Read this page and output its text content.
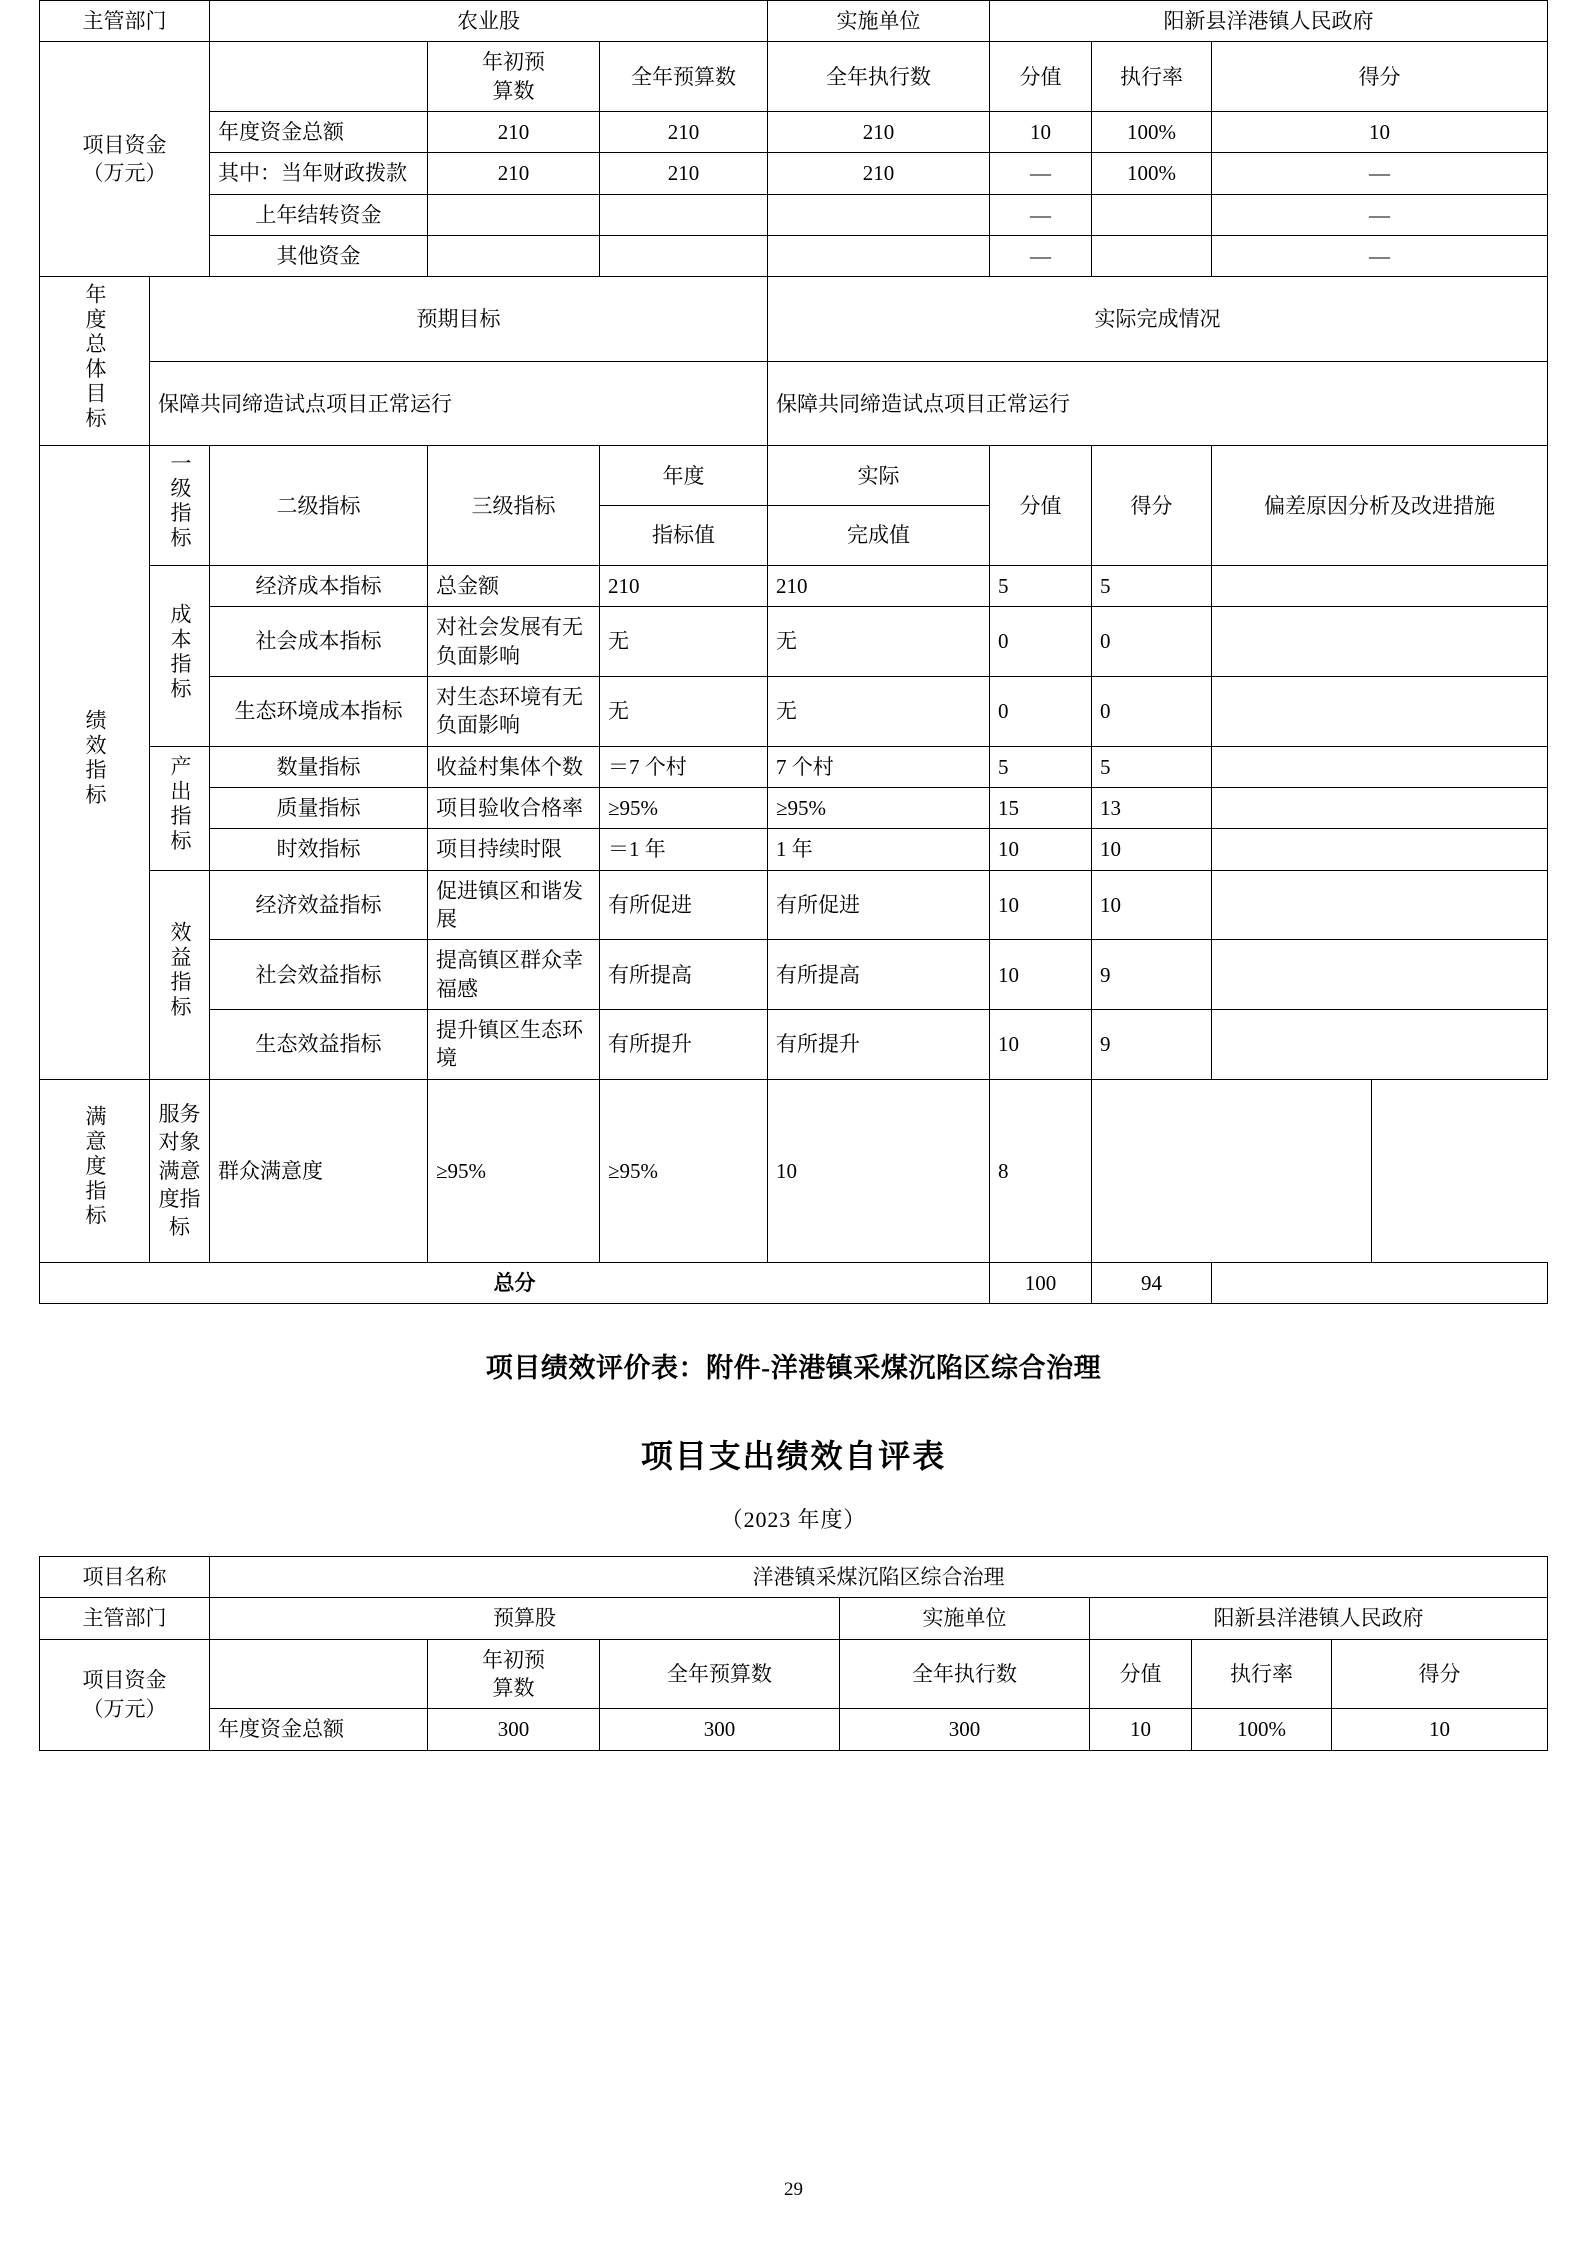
主管部门		农业股			实施单位	阳新县洋港镇人民政府		

项目资金
（万元）

年初预
算数
	全年预算数	全年执行数	分值	执行率	得分
		年度资金总额	210	210	210	10	100%	10
		其中：当年财政拨款	210	210	210	—	100%	—
		上年结转资金				—		—
		其他资金				—		—
年度总体目标	预期目标				实际完成情况			
	保障共同缔造试点项目正常运行				保障共同缔造试点项目正常运行			
绩效指标	一级指标	二级指标	三级指标	年度	实际	分值	得分	偏差原因分析及改进措施
				指标值	完成值			
	成本指标	经济成本指标	总金额	210	210	5	5	
		社会成本指标	对社会发展有无负面影响	无	无	0	0	
		生态环境成本指标	对生态环境有无负面影响	无	无	0	0	
	产出指标	数量指标	收益村集体个数	＝7 个村	7 个村	5	5	
		质量指标	项目验收合格率	≥95%	≥95%	15	13	
		时效指标	项目持续时限	＝1 年	1 年	10	10	
	效益指标	经济效益指标	促进镇区和谐发展	有所促进	有所促进	10	10	
		社会效益指标	提高镇区群众幸福感	有所提高	有所提高	10	9	
		生态效益指标	提升镇区生态环境	有所提升	有所提升	10	9	
满意度指标	服务对象满意度指标	群众满意度	≥95%	≥95%	10	8		
总分						100	94	
项目绩效评价表：附件-洋港镇采煤沉陷区综合治理
项目支出绩效自评表
（2023 年度）
项目名称	洋港镇采煤沉陷区综合治理						
主管部门	预算股			实施单位	阳新县洋港镇人民政府		

项目资金
（万元）

年初预
算数
	全年预算数	全年执行数	分值	执行率	得分
	年度资金总额	300	300	300	10	100%	10
29
